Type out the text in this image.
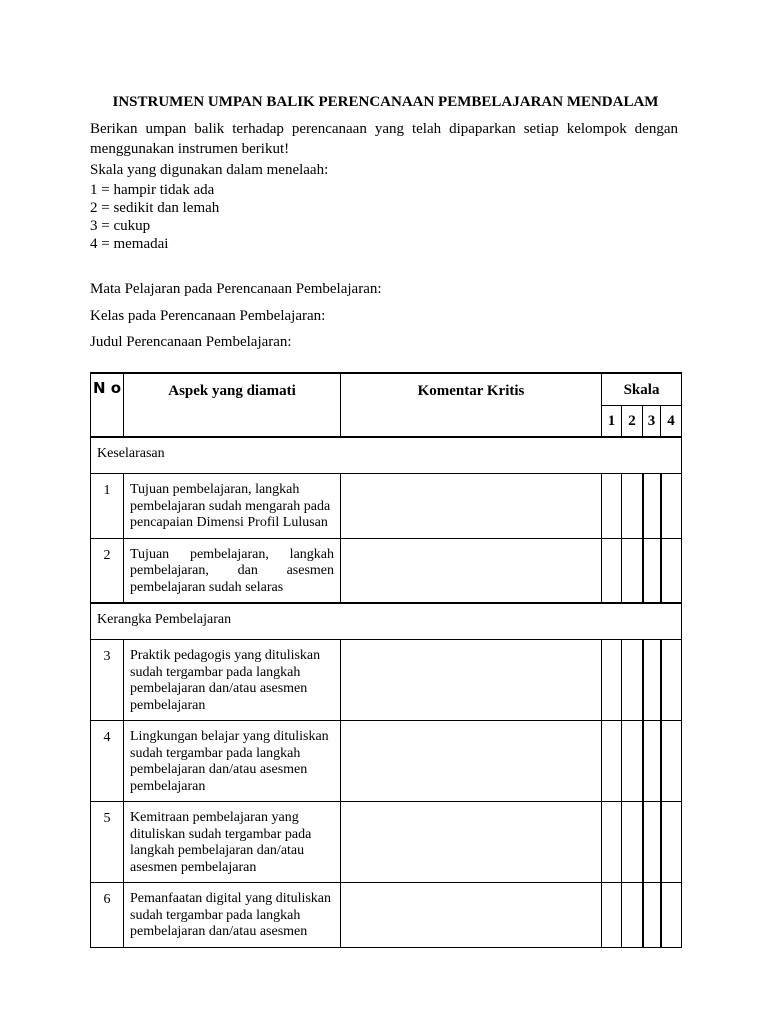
INSTRUMEN UMPAN BALIK PERENCANAAN PEMBELAJARAN MENDALAM

Berikan umpan balik terhadap perencanaan yang telah dipaparkan setiap kelompok dengan menggunakan instrumen berikut!

Skala yang digunakan dalam menelaah:

1 = hampir tidak ada
2 = sedikit dan lemah
3 = cukup
4 = memadai

Mata Pelajaran pada Perencanaan Pembelajaran:

Kelas pada Perencanaan Pembelajaran:

Judul Perencanaan Pembelajaran:

N o	Aspek yang diamati	Komentar Kritis	Skala			
			1	2	3	4
Keselarasan						
1	Tujuan pembelajaran, langkah pembelajaran sudah mengarah pada pencapaian Dimensi Profil Lulusan					
2	Tujuan pembelajaran, langkah pembelajaran, dan asesmen pembelajaran sudah selaras					
Kerangka Pembelajaran						
3	Praktik pedagogis yang dituliskan sudah tergambar pada langkah pembelajaran dan/atau asesmen pembelajaran					
4	Lingkungan belajar yang dituliskan sudah tergambar pada langkah pembelajaran dan/atau asesmen pembelajaran					
5	Kemitraan pembelajaran yang dituliskan sudah tergambar pada langkah pembelajaran dan/atau asesmen pembelajaran					
6	Pemanfaatan digital yang dituliskan sudah tergambar pada langkah pembelajaran dan/atau asesmen					
